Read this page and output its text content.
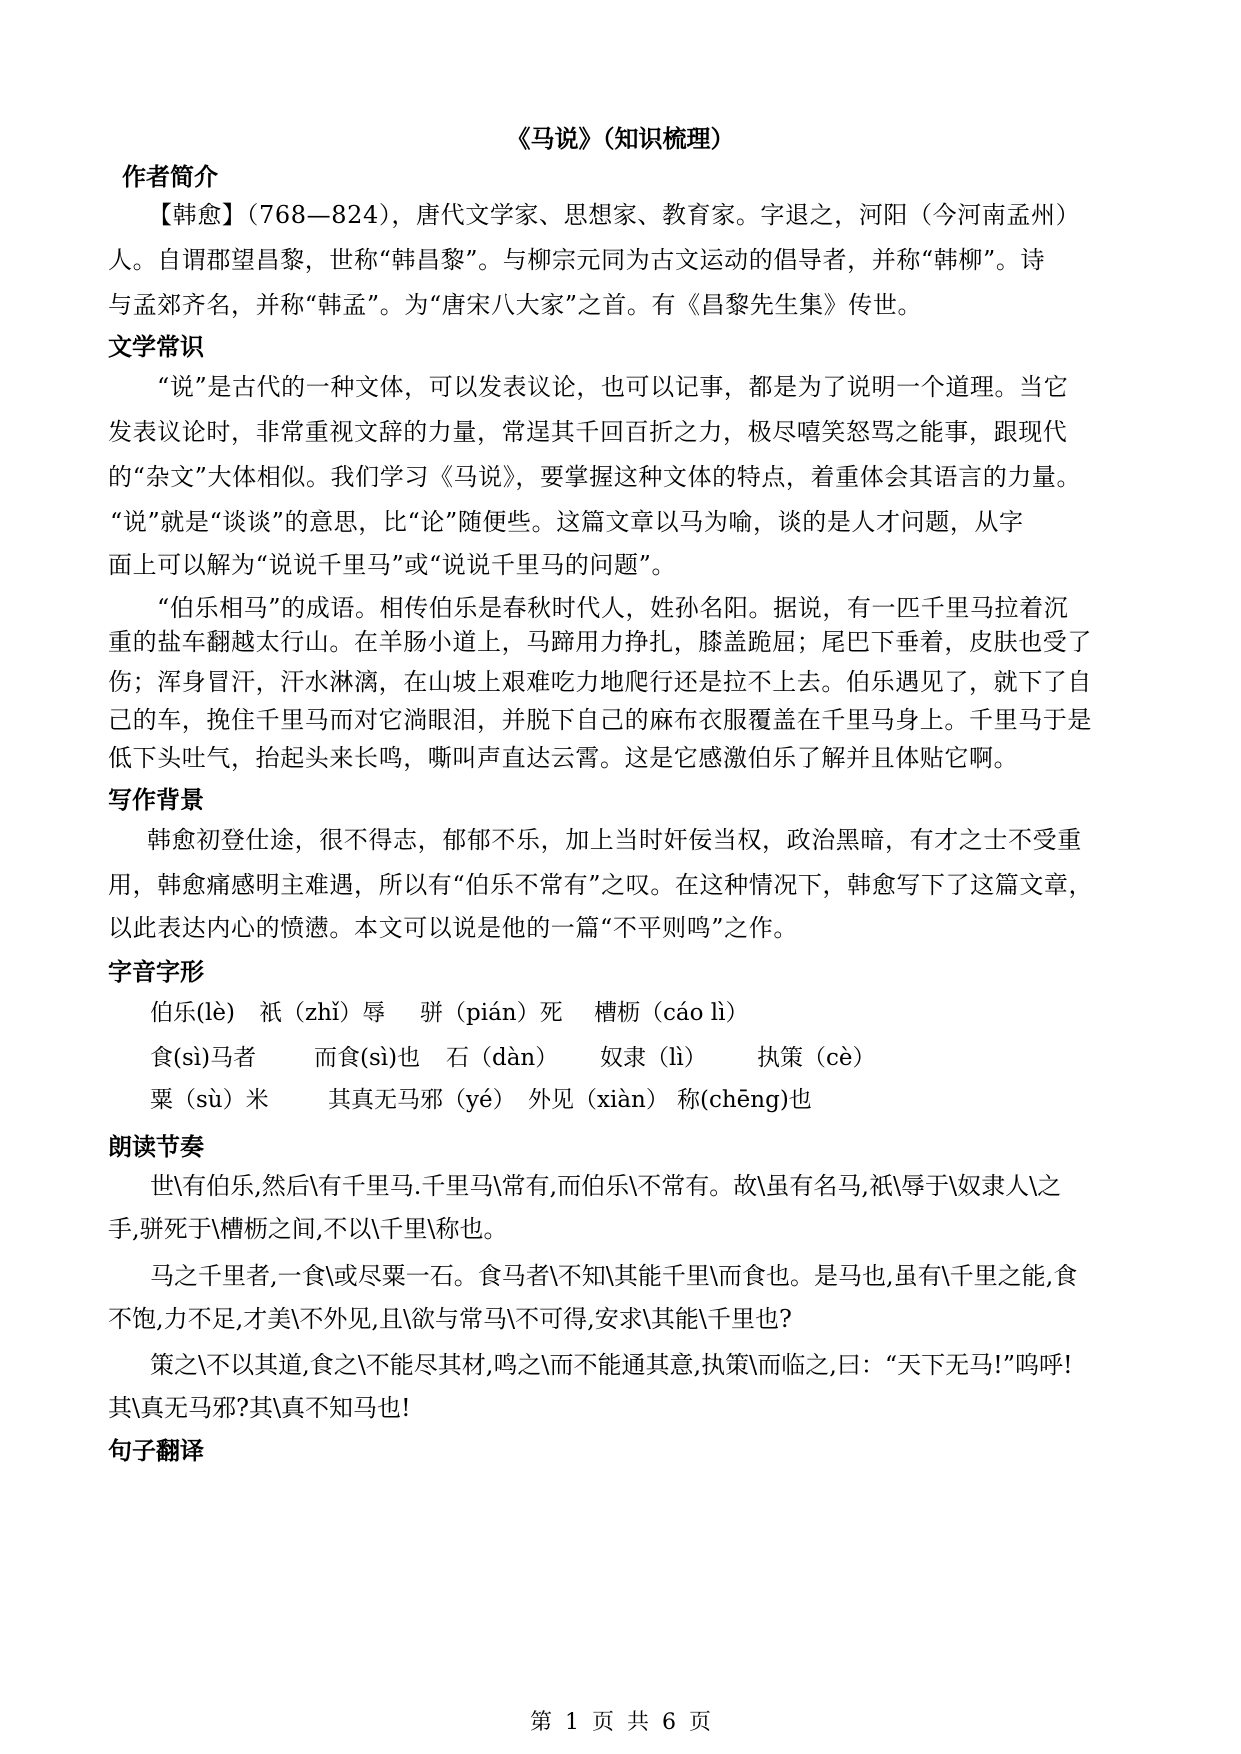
《马说》（知识梳理）
作者简介
【韩愈】（768—824），唐代文学家、思想家、教育家。字退之，河阳（今河南孟州）
人。自谓郡望昌黎，世称“韩昌黎”。与柳宗元同为古文运动的倡导者，并称“韩柳”。诗
与孟郊齐名，并称“韩孟”。为“唐宋八大家”之首。有《昌黎先生集》传世。
文学常识
“说”是古代的一种文体，可以发表议论，也可以记事，都是为了说明一个道理。当它
发表议论时，非常重视文辞的力量，常逞其千回百折之力，极尽嘻笑怒骂之能事，跟现代
的“杂文”大体相似。我们学习《马说》，要掌握这种文体的特点，着重体会其语言的力量。
“说”就是“谈谈”的意思，比“论”随便些。这篇文章以马为喻，谈的是人才问题，从字
面上可以解为“说说千里马”或“说说千里马的问题”。
“伯乐相马”的成语。相传伯乐是春秋时代人，姓孙名阳。据说，有一匹千里马拉着沉
重的盐车翻越太行山。在羊肠小道上，马蹄用力挣扎，膝盖跪屈；尾巴下垂着，皮肤也受了
伤；浑身冒汗，汗水淋漓，在山坡上艰难吃力地爬行还是拉不上去。伯乐遇见了，就下了自
己的车，挽住千里马而对它淌眼泪，并脱下自己的麻布衣服覆盖在千里马身上。千里马于是
低下头吐气，抬起头来长鸣，嘶叫声直达云霄。这是它感激伯乐了解并且体贴它啊。
写作背景
韩愈初登仕途，很不得志，郁郁不乐，加上当时奸佞当权，政治黑暗，有才之士不受重
用，韩愈痛感明主难遇，所以有“伯乐不常有”之叹。在这种情况下，韩愈写下了这篇文章，
以此表达内心的愤懑。本文可以说是他的一篇“不平则鸣”之作。
字音字形
伯乐(lè) 祇（zhǐ）辱 骈（pián）死 槽枥（cáo lì）
食(sì)马者	而食(sì)也 石（dàn） 奴隶（lì） 执策（cè）
粟（sù）米	其真无马邪（yé） 外见（xiàn） 称(chēng)也
朗读节奏
世\有伯乐,然后\有千里马.千里马\常有,而伯乐\不常有。故\虽有名马,祇\辱于\奴隶人\之
手,骈死于\槽枥之间,不以\千里\称也。
马之千里者,一食\或尽粟一石。食马者\不知\其能千里\而食也。是马也,虽有\千里之能,食
不饱,力不足,才美\不外见,且\欲与常马\不可得,安求\其能\千里也?
策之\不以其道,食之\不能尽其材,鸣之\而不能通其意,执策\而临之,曰：“天下无马!”呜呼!
其\真无马邪?其\真不知马也!
句子翻译
第 1 页 共 6 页
